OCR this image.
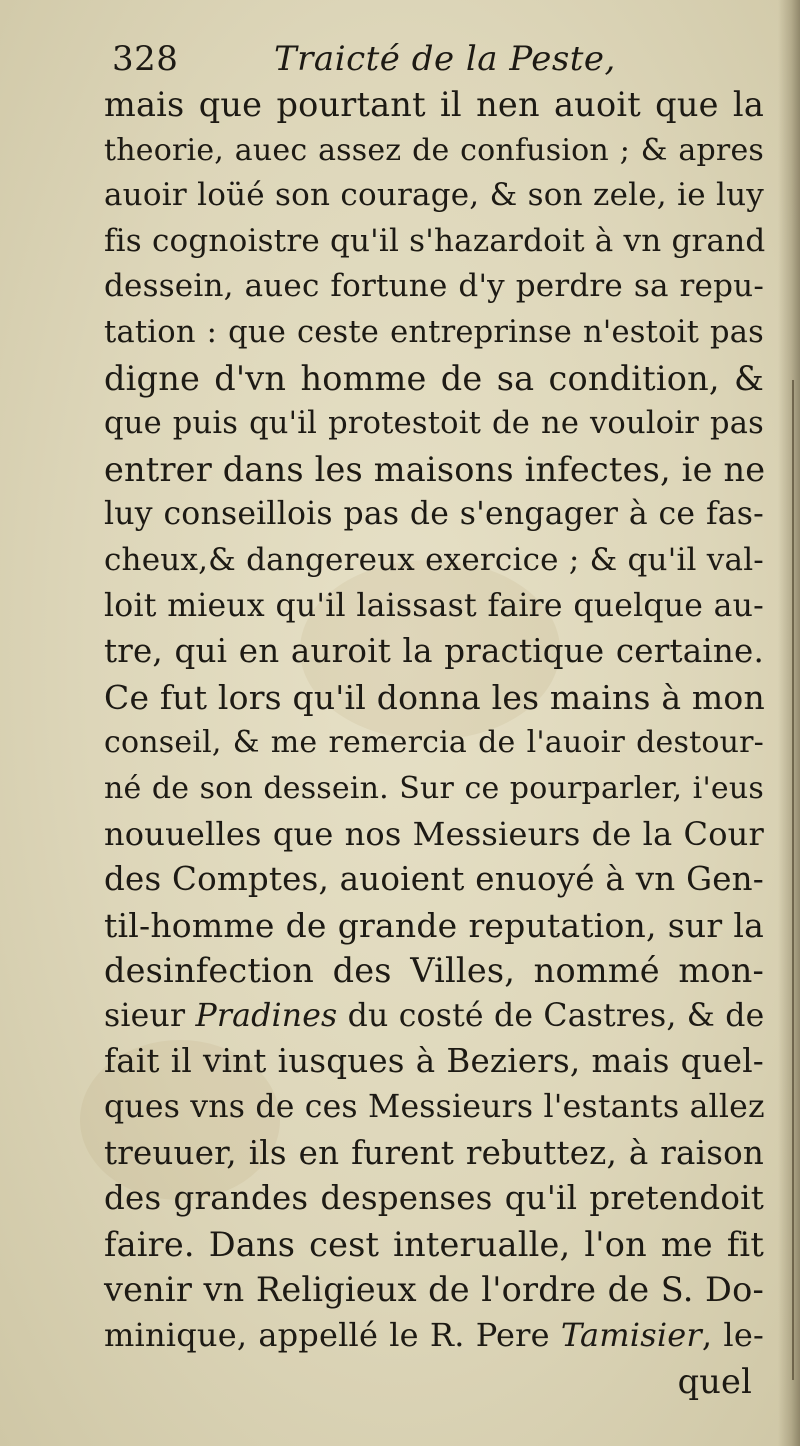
328	Traicté de la Peste,
mais que pourtant il nen auoit que la
theorie, auec assez de confusion ; & apres
auoir loüé son courage, & son zele, ie luy
fis cognoistre qu'il s'hazardoit à vn grand
dessein, auec fortune d'y perdre sa repu-
tation : que ceste entreprinse n'estoit pas
digne d'vn homme de sa condition, &
que puis qu'il protestoit de ne vouloir pas
entrer dans les maisons infectes, ie ne
luy conseillois pas de s'engager à ce fas-
cheux,& dangereux exercice ; & qu'il val-
loit mieux qu'il laissast faire quelque au-
tre, qui en auroit la practique certaine.
Ce fut lors qu'il donna les mains à mon
conseil, & me remercia de l'auoir destour-
né de son dessein. Sur ce pourparler, i'eus
nouuelles que nos Messieurs de la Cour
des Comptes, auoient enuoyé à vn Gen-
til-homme de grande reputation, sur la
desinfection des Villes, nommé mon-
sieur Pradines du costé de Castres, & de
fait il vint iusques à Beziers, mais quel-
ques vns de ces Messieurs l'estants allez
treuuer, ils en furent rebuttez, à raison
des grandes despenses qu'il pretendoit
faire. Dans cest interualle, l'on me fit
venir vn Religieux de l'ordre de S. Do-
minique, appellé le R. Pere Tamisier, le-
quel
